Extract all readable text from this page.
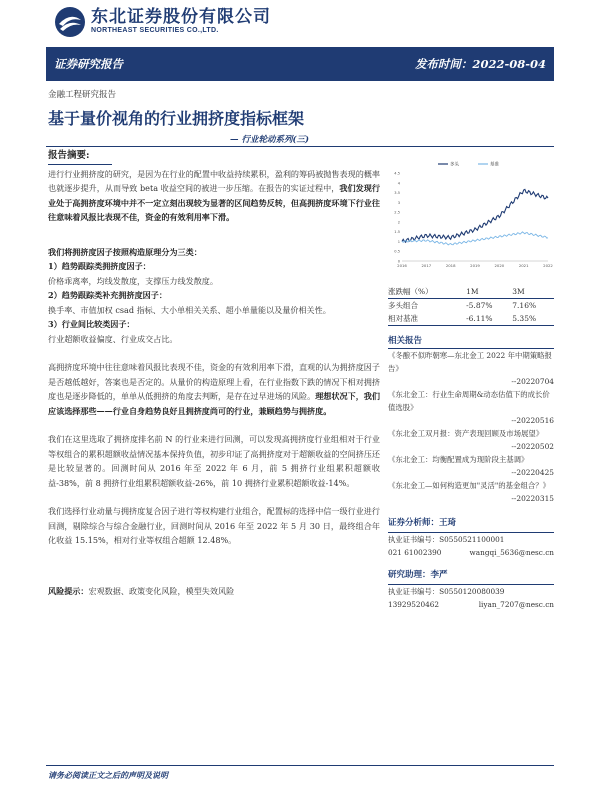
东北证券股份有限公司
NORTHEAST SECURITIES CO.,LTD.
证券研究报告	发布时间：2022-08-04
金融工程研究报告
基于量价视角的行业拥挤度指标框架
— 行业轮动系列(三)
报告摘要:

进行行业拥挤度的研究，是因为在行业的配置中收益持续累积，盈利的筹码被抛售表现的概率也就逐步提升，从而导致 beta 收益空间的被进一步压缩。在报告的实证过程中，我们发现行业处于高拥挤度环境中并不一定立刻出现较为显著的区间趋势反转，但高拥挤度环境下行业往往意味着风报比表现不佳，资金的有效利用率下滑。

我们将拥挤度因子按照构造原理分为三类：

1）趋势跟踪类拥挤度因子：

价格乖离率，均线发散度，支撑压力线发散度。

2）趋势跟踪类补充拥挤度因子：

换手率、市值加权 csad 指标、大小单相关关系、超小单量能以及量价相关性。

3）行业间比较类因子：

行业超额收益偏度、行业成交占比。

高拥挤度环境中往往意味着风报比表现不佳，资金的有效利用率下滑，直观的认为拥挤度因子是否越低越好，答案也是否定的。从量价的构造原理上看，在行业指数下跌的情况下相对拥挤度也是逐步降低的，单单从低拥挤的角度去判断，是存在过早进场的风险。理想状况下，我们应该选择那些——行业自身趋势良好且拥挤度尚可的行业，兼顾趋势与拥挤度。

我们在这里选取了拥挤度排名前 N 的行业来进行回测，可以发现高拥挤度行业组相对于行业等权组合的累积超额收益情况基本保持负值，初步印证了高拥挤度对于超额收益的空间挤压还是比较显著的。回测时间从 2016 年至 2022 年 6 月，前 5 拥挤行业组累积超额收益-38%，前 8 拥挤行业组累积超额收益-26%，前 10 拥挤行业累积超额收益-14%。

我们选择行业动量与拥挤度复合因子进行等权构建行业组合，配置标的选择中信一级行业进行回测，剔除综合与综合金融行业，回测时间从 2016 年至 2022 年 5 月 30 日，最终组合年化收益 15.15%，相对行业等权组合超额 12.48%。

风险提示：宏观数据、政策变化风险，模型失效风险

0
0.5
1
1.5
2
2.5
3
3.5
4
4.5
2016	2017	2018	2019	2020	2021	2022
多头	基准
涨跌幅（%）	1M	3M
多头组合	-5.87%	7.16%
相对基准	-6.11%	5.35%
相关报告
《冬酿不似昨朝寒—东北金工 2022 年中期策略报告》
--20220704
《东北金工：行业生命周期&动态估值下的成长价值选股》
--20220516
《东北金工双月报：资产表现回顾及市场展望》
--20220502
《东北金工：均衡配置成为现阶段主基调》
--20220425
《东北金工—如何构造更加"灵活"的基金组合？》
--20220315
证券分析师：王琦
执业证书编号：S0550521100001
021 61002390	wangqi_5636@nesc.cn
研究助理：李严
执业证书编号：S0550120080039
13929520462	liyan_7207@nesc.cn
请务必阅读正文之后的声明及说明
